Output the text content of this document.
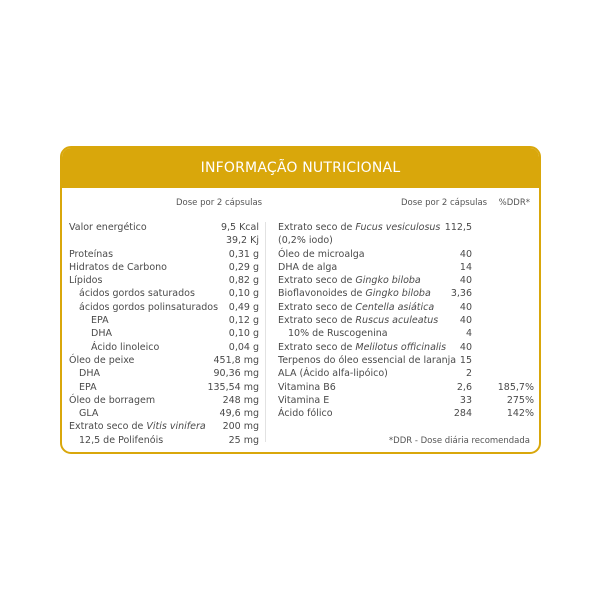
INFORMAÇÃO NUTRICIONAL
Dose por 2 cápsulas	Dose por 2 cápsulas %DDR*
Valor energético	9,5 Kcal
39,2 Kj
Proteínas	0,31 g
Hidratos de Carbono	0,29 g
Lípidos	0,82 g
ácidos gordos saturados	0,10 g
ácidos gordos polinsaturados 0,49 g
EPA	0,12 g
DHA	0,10 g
Ácido linoleico	0,04 g
Óleo de peixe	451,8 mg
DHA	90,36 mg
EPA	135,54 mg
Óleo de borragem	248 mg
GLA	49,6 mg
Extrato seco de Vitis vinifera 200 mg
12,5 de Polifenóis	25 mg
Extrato seco de Fucus vesiculosus 112,5
(0,2% iodo)
Óleo de microalga	40
DHA de alga	14
Extrato seco de Gingko biloba	40
Bioflavonoides de Gingko biloba 3,36
Extrato seco de Centella asiática	40
Extrato seco de Ruscus aculeatus 40
10% de Ruscogenina	4
Extrato seco de Melilotus officinalis 40
Terpenos do óleo essencial de laranja 15
ALA (Ácido alfa-lipóico)	2
Vitamina B6	2,6	185,7%
Vitamina E	33	275%
Ácido fólico	284	142%
*DDR - Dose diária recomendada
